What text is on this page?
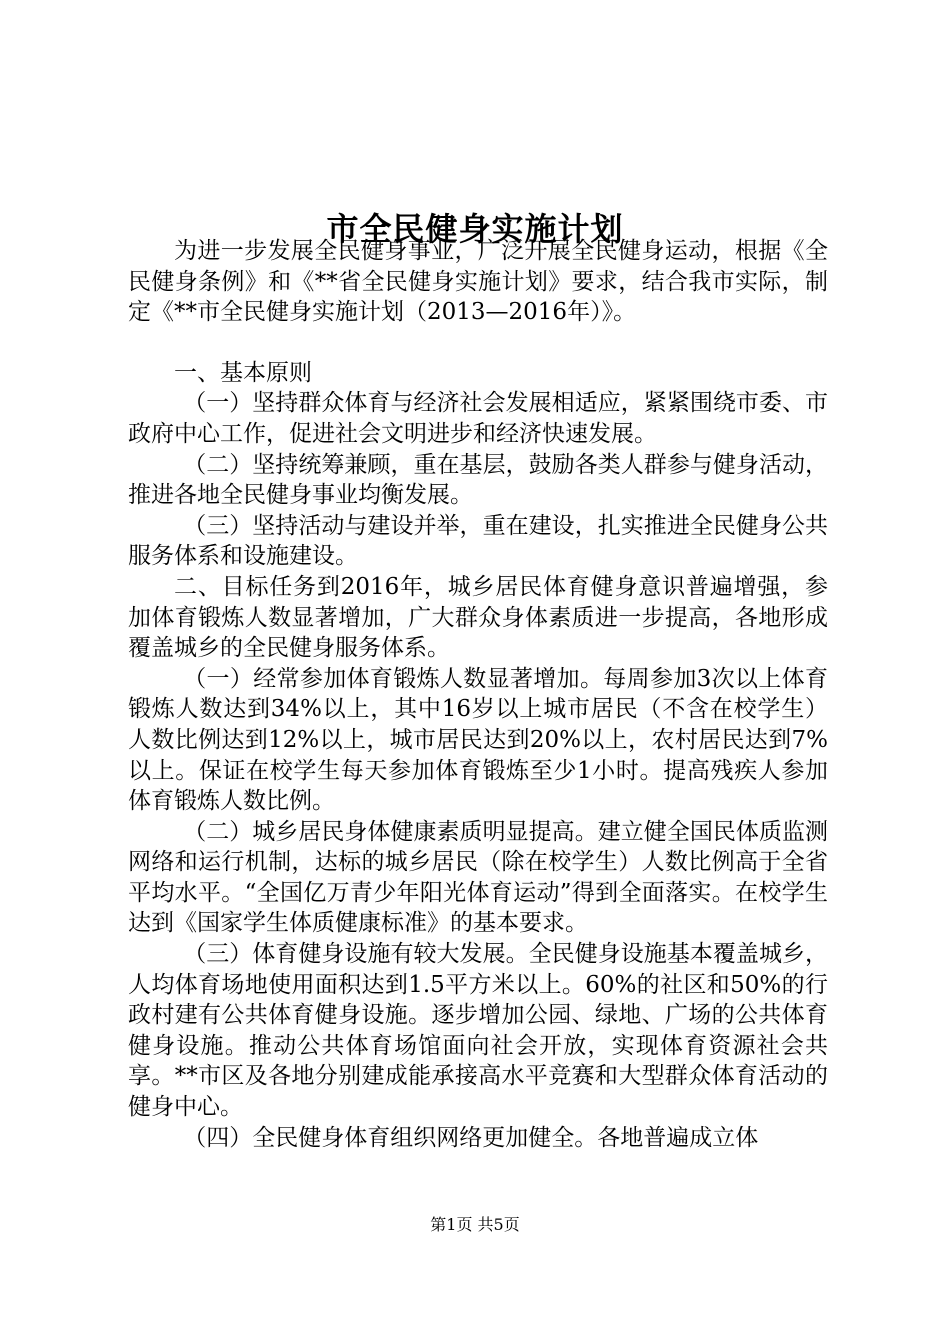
市全民健身实施计划

为进一步发展全民健身事业，广泛开展全民健身运动，根据《全民健身条例》和《**省全民健身实施计划》要求，结合我市实际，制定《**市全民健身实施计划（2013—2016年）》。

一、基本原则

（一）坚持群众体育与经济社会发展相适应，紧紧围绕市委、市政府中心工作，促进社会文明进步和经济快速发展。

（二）坚持统筹兼顾，重在基层，鼓励各类人群参与健身活动，推进各地全民健身事业均衡发展。

（三）坚持活动与建设并举，重在建设，扎实推进全民健身公共服务体系和设施建设。

二、目标任务到2016年，城乡居民体育健身意识普遍增强，参加体育锻炼人数显著增加，广大群众身体素质进一步提高，各地形成覆盖城乡的全民健身服务体系。

（一）经常参加体育锻炼人数显著增加。每周参加3次以上体育锻炼人数达到34%以上，其中16岁以上城市居民（不含在校学生）人数比例达到12%以上，城市居民达到20%以上，农村居民达到7%以上。保证在校学生每天参加体育锻炼至少1小时。提高残疾人参加体育锻炼人数比例。

（二）城乡居民身体健康素质明显提高。建立健全国民体质监测网络和运行机制，达标的城乡居民（除在校学生）人数比例高于全省平均水平。“全国亿万青少年阳光体育运动”得到全面落实。在校学生达到《国家学生体质健康标准》的基本要求。

（三）体育健身设施有较大发展。全民健身设施基本覆盖城乡，人均体育场地使用面积达到1.5平方米以上。60%的社区和50%的行政村建有公共体育健身设施。逐步增加公园、绿地、广场的公共体育健身设施。推动公共体育场馆面向社会开放，实现体育资源社会共享。**市区及各地分别建成能承接高水平竞赛和大型群众体育活动的健身中心。

（四）全民健身体育组织网络更加健全。各地普遍成立体

第1页 共5页
